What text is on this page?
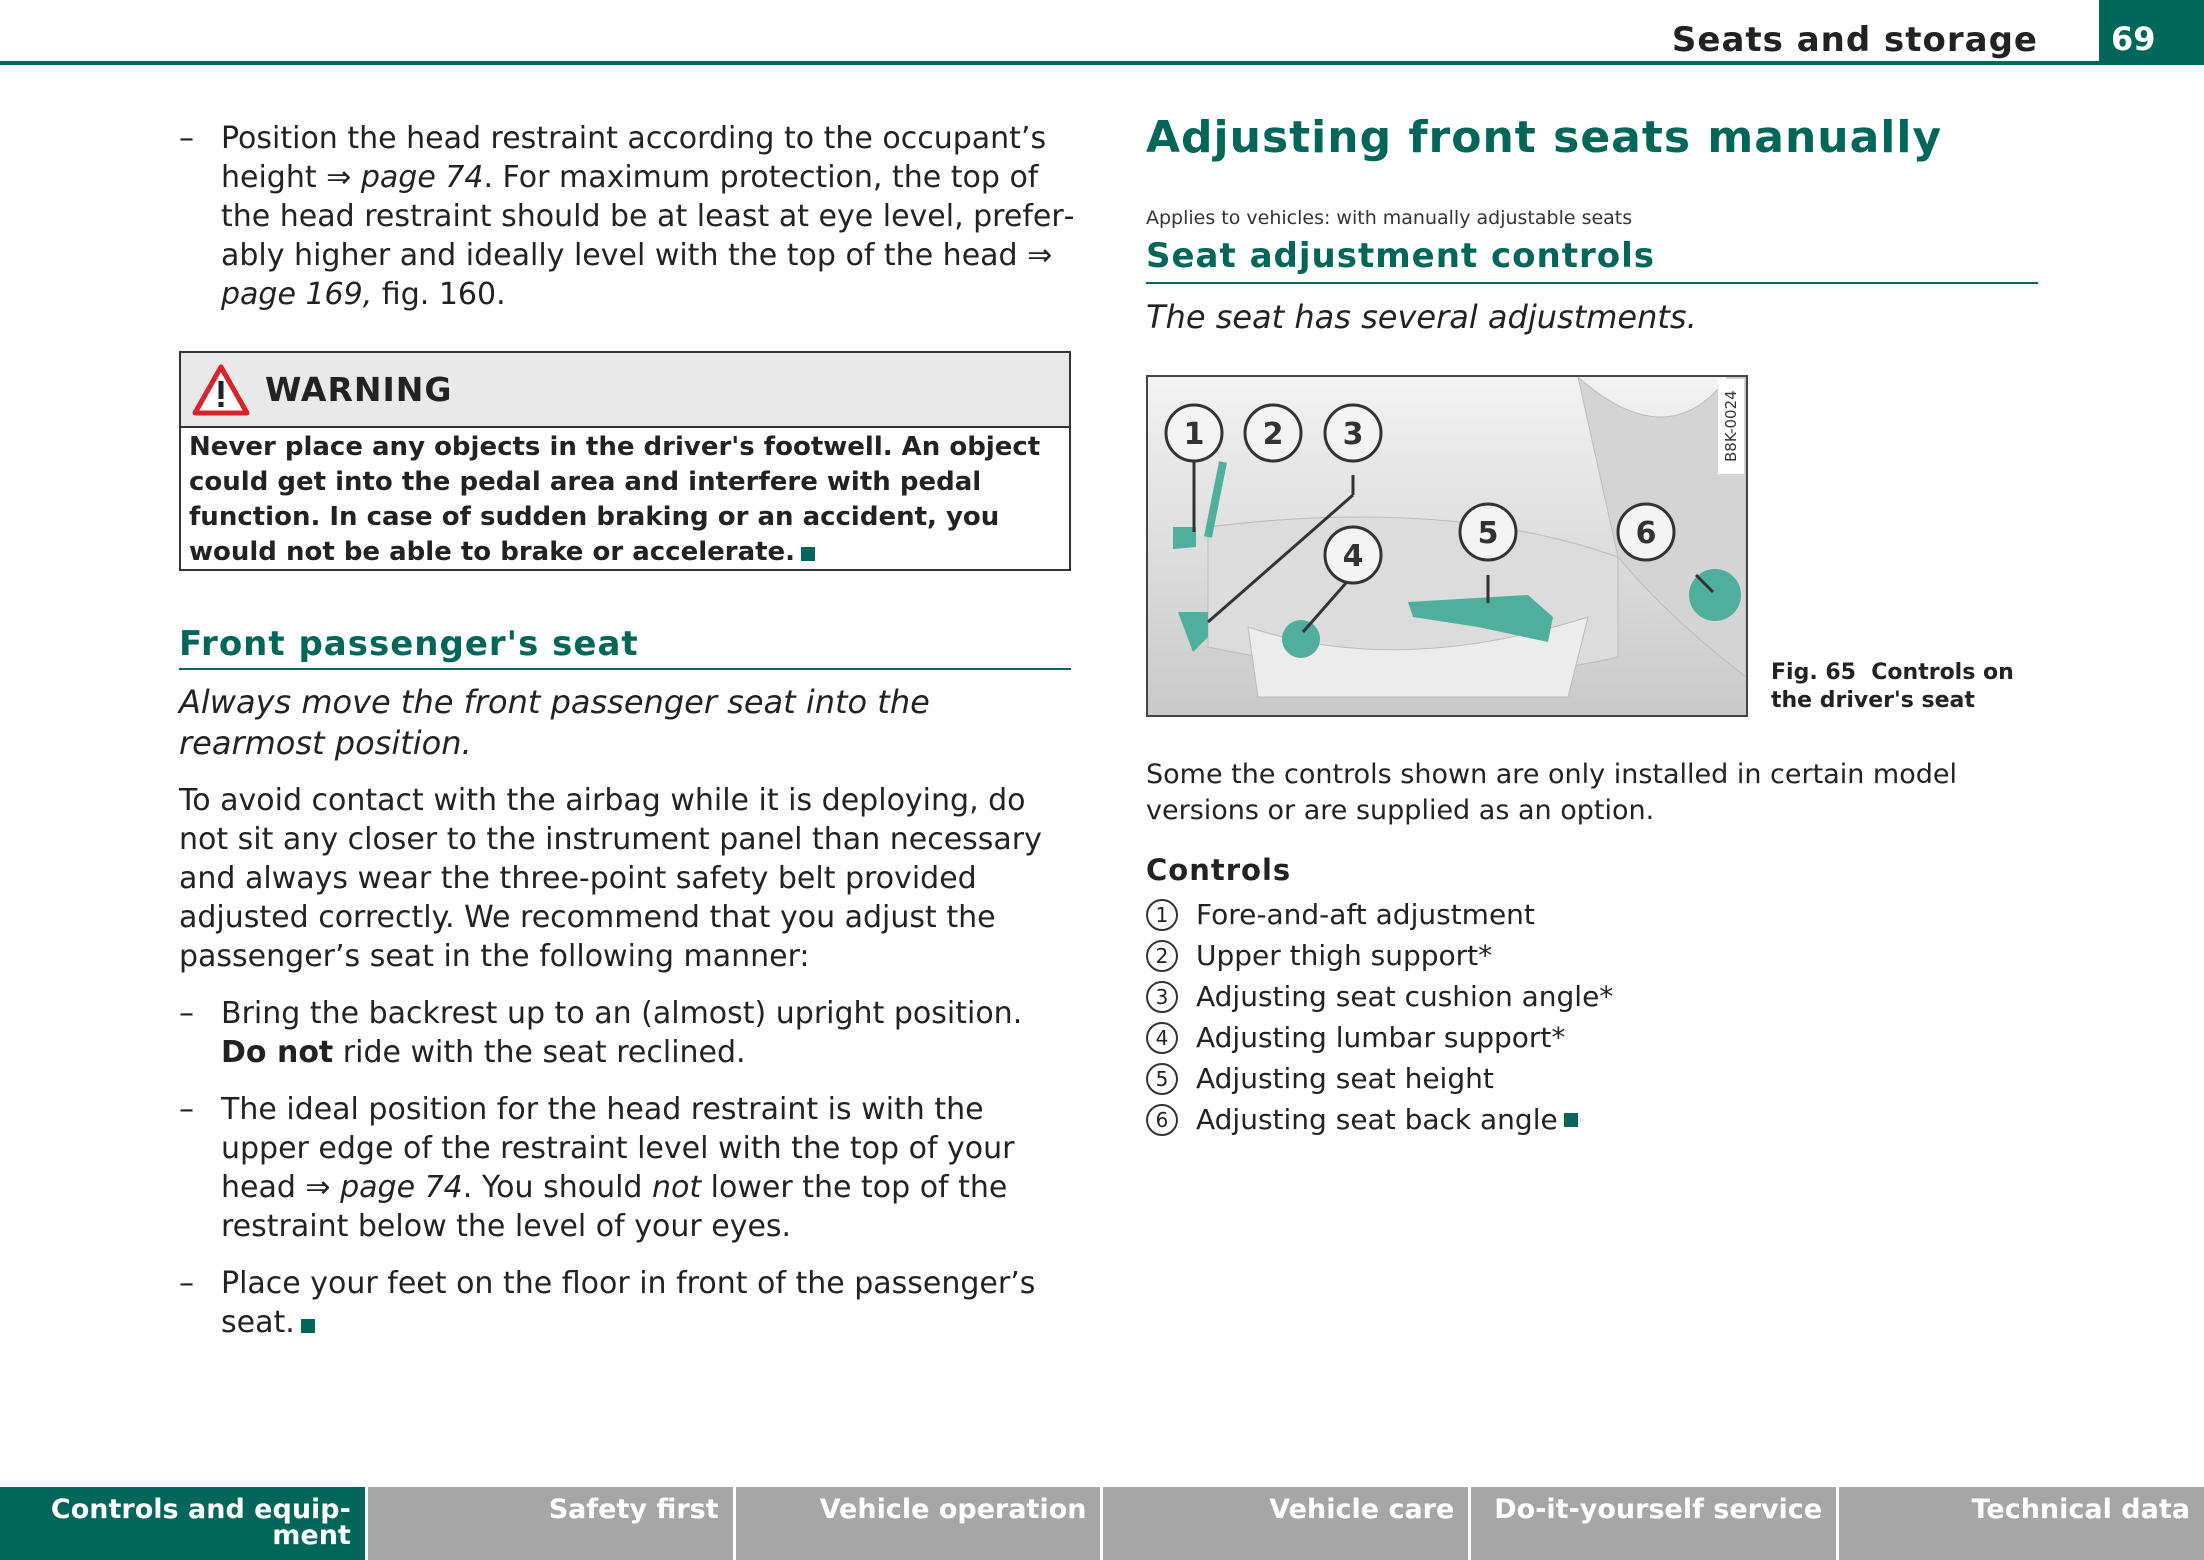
Seats and storage	69
– Position the head restraint according to the occupant’s height ⇒ page 74. For maximum protection, the top of the head restraint should be at least at eye level, preferably higher and ideally level with the top of the head ⇒ page 169, fig. 160.
WARNING
Never place any objects in the driver's footwell. An object could get into the pedal area and interfere with pedal function. In case of sudden braking or an accident, you would not be able to brake or accelerate.
Front passenger's seat
Always move the front passenger seat into the rearmost position.
To avoid contact with the airbag while it is deploying, do not sit any closer to the instrument panel than necessary and always wear the three-point safety belt provided adjusted correctly. We recommend that you adjust the passenger’s seat in the following manner:
– Bring the backrest up to an (almost) upright position. Do not ride with the seat reclined.
– The ideal position for the head restraint is with the upper edge of the restraint level with the top of your head ⇒ page 74. You should not lower the top of the restraint below the level of your eyes.
– Place your feet on the floor in front of the passenger’s seat.
Adjusting front seats manually
Applies to vehicles: with manually adjustable seats
Seat adjustment controls
The seat has several adjustments.
1 2 3
4
5	6
B8K-0024
Fig. 65 Controls on the driver's seat
Some the controls shown are only installed in certain model versions or are supplied as an option.
Controls
1 Fore-and-aft adjustment
2 Upper thigh support*
3 Adjusting seat cushion angle*
4 Adjusting lumbar support*
5 Adjusting seat height
6 Adjusting seat back angle
Controls and equip- ment
Safety first	Vehicle operation	Vehicle care	Do-it-yourself service	Technical data
